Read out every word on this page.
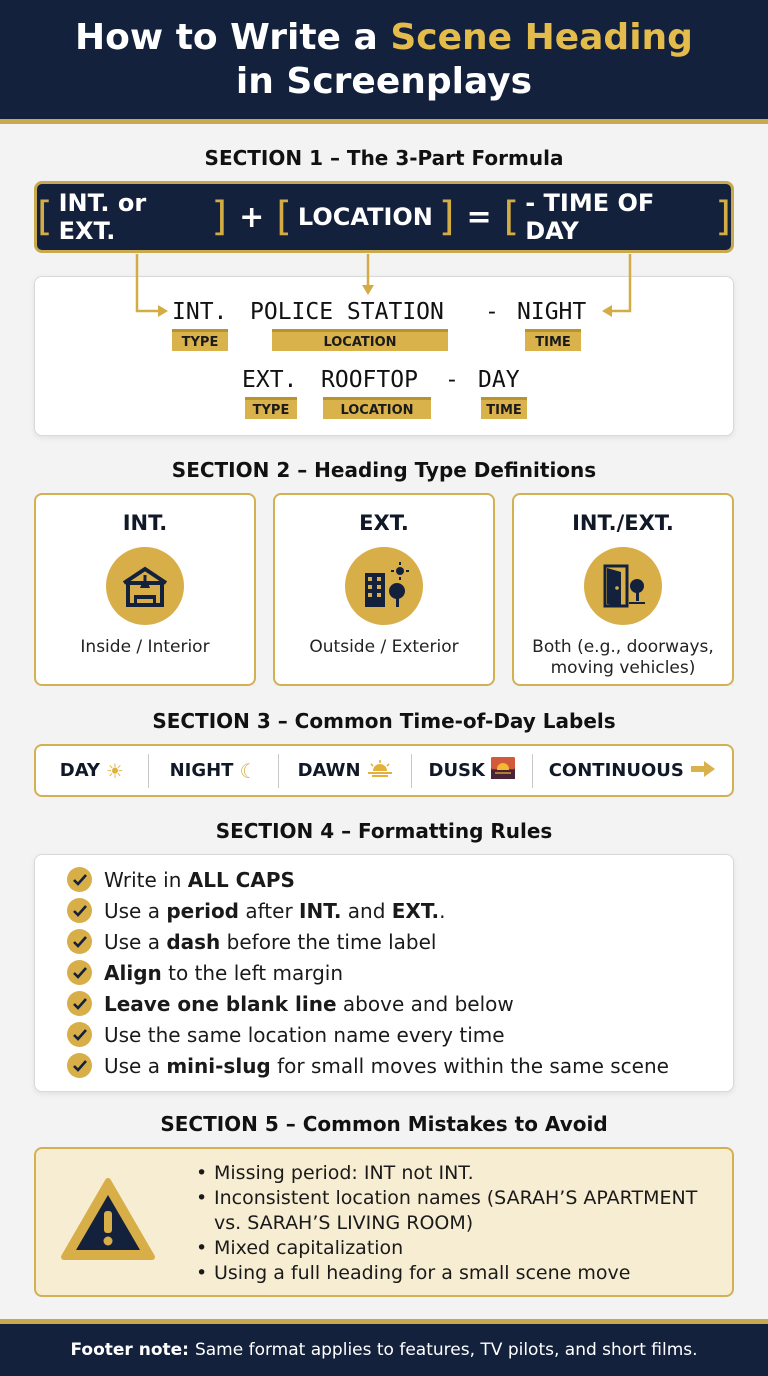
How to Write a Scene Heading
in Screenplays
SECTION 1 – The 3-Part Formula
[ INT. or EXT.	] + [ LOCATION ] = [ - TIME OF DAY	]
INT. POLICE STATION - NIGHT
TYPE	LOCATION	TIME
EXT. ROOFTOP - DAY
TYPE	LOCATION	TIME
SECTION 2 – Heading Type Definitions
INT.
Inside / Interior
EXT.
Outside / Exterior
INT./EXT.
Both (e.g., doorways, moving vehicles)
SECTION 3 – Common Time-of-Day Labels
DAY ☀	NIGHT ☾ DAWN	DUSK	CONTINUOUS
SECTION 4 – Formatting Rules
Write in ALL CAPS
Use a period after INT. and EXT..
Use a dash before the time label
Align to the left margin
Leave one blank line above and below
Use the same location name every time
Use a mini-slug for small moves within the same scene
SECTION 5 – Common Mistakes to Avoid
• Missing period: INT not INT.
• Inconsistent location names (SARAH’S APARTMENT
vs. SARAH’S LIVING ROOM)
• Mixed capitalization
• Using a full heading for a small scene move
Footer note: Same format applies to features, TV pilots, and short films.
